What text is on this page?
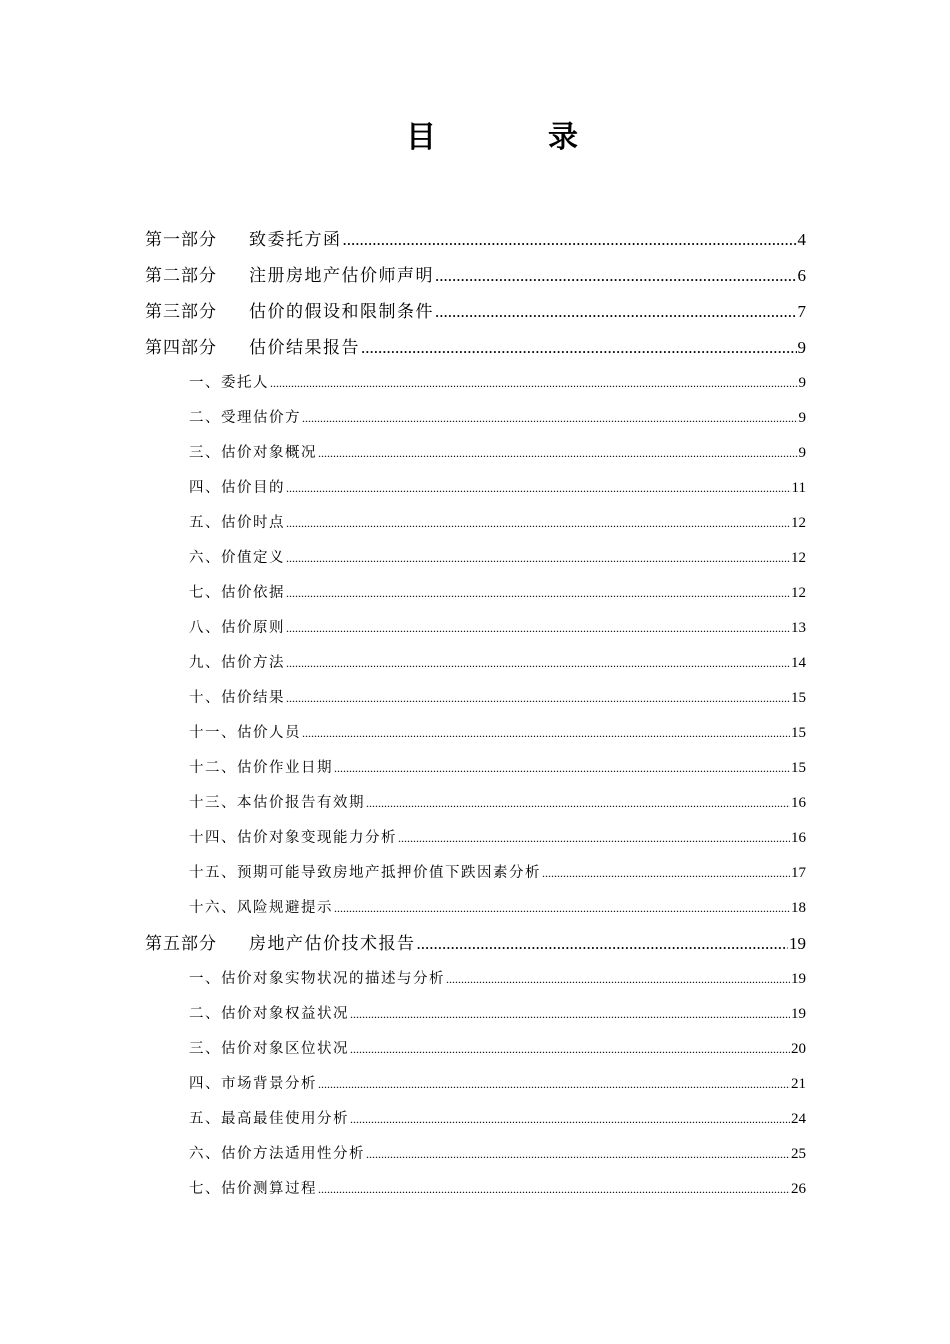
目	录
第一部分	致委托方函 .....	4
第二部分	注册房地产估价师声明 .....	6
第三部分	估价的假设和限制条件 .....	7
第四部分	估价结果报告 .....	9
一、委托人 .....	9
二、受理估价方 .....	9
三、估价对象概况 .....	9
四、估价目的 .....	11
五、估价时点 .....	12
六、价值定义 .....	12
七、估价依据 .....	12
八、估价原则 .....	13
九、估价方法 .....	14
十、估价结果 .....	15
十一、估价人员 .....	15
十二、估价作业日期 .....	15
十三、本估价报告有效期 .....	16
十四、估价对象变现能力分析 .....	16
十五、预期可能导致房地产抵押价值下跌因素分析 .....	17
十六、风险规避提示 .....	18
第五部分	房地产估价技术报告 .....	19
一、估价对象实物状况的描述与分析 .....	19
二、估价对象权益状况 .....	19
三、估价对象区位状况 .....	20
四、市场背景分析 .....	21
五、最高最佳使用分析 .....	24
六、估价方法适用性分析 .....	25
七、估价测算过程 .....	26
